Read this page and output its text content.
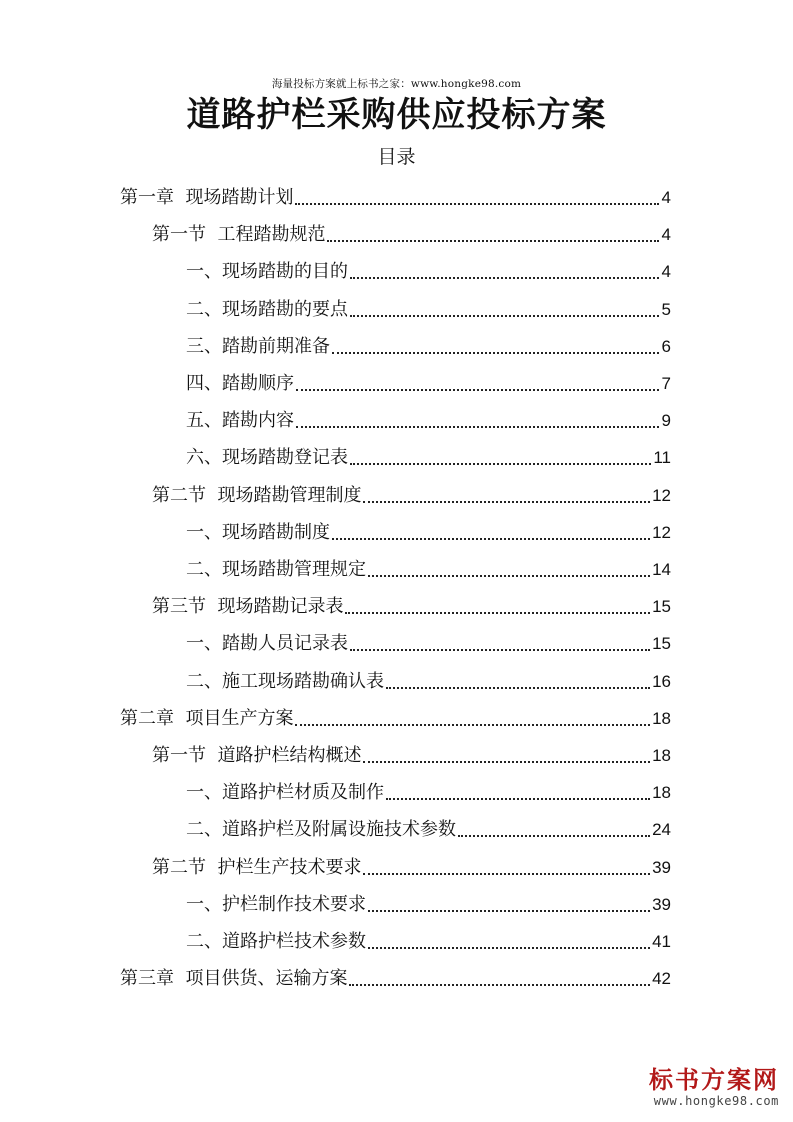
海量投标方案就上标书之家：www.hongke98.com
道路护栏采购供应投标方案
目录
第一章  现场踏勘计划	4
第一节  工程踏勘规范	4
一、现场踏勘的目的	4
二、现场踏勘的要点	5
三、踏勘前期准备	6
四、踏勘顺序	7
五、踏勘内容	9
六、现场踏勘登记表	11
第二节  现场踏勘管理制度	12
一、现场踏勘制度	12
二、现场踏勘管理规定	14
第三节  现场踏勘记录表	15
一、踏勘人员记录表	15
二、施工现场踏勘确认表	16
第二章  项目生产方案	18
第一节  道路护栏结构概述	18
一、道路护栏材质及制作	18
二、道路护栏及附属设施技术参数	24
第二节  护栏生产技术要求	39
一、护栏制作技术要求	39
二、道路护栏技术参数	41
第三章  项目供货、运输方案	42
标书方案网
www.hongke98.com
